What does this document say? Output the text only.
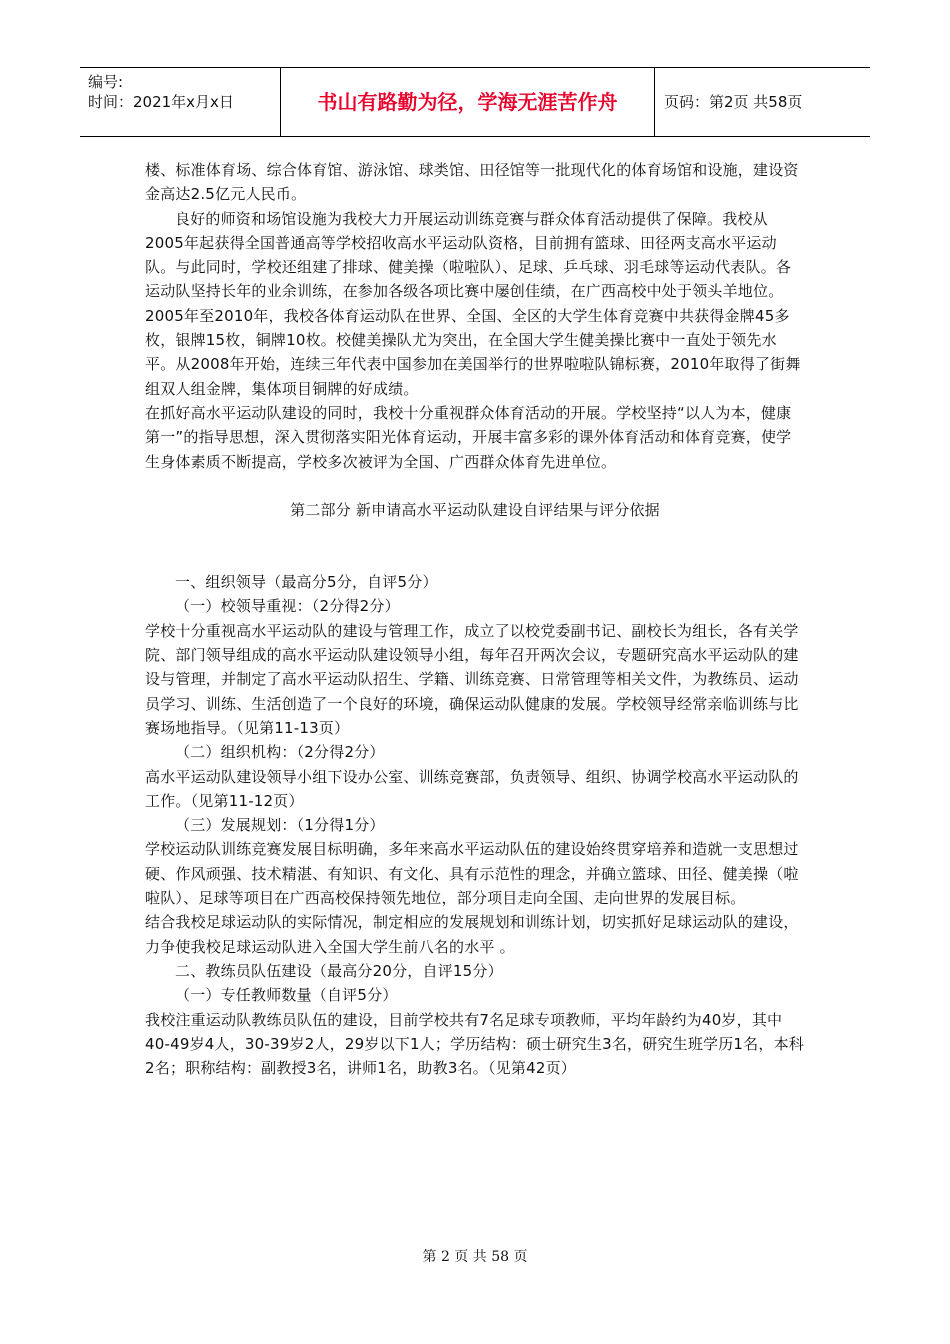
编号:
时间：2021年x月x日	书山有路勤为径，学海无涯苦作舟	页码：第2页 共58页

楼、标准体育场、综合体育馆、游泳馆、球类馆、田径馆等一批现代化的体育场馆和设施，建设资金高达2.5亿元人民币。

良好的师资和场馆设施为我校大力开展运动训练竞赛与群众体育活动提供了保障。我校从2005年起获得全国普通高等学校招收高水平运动队资格，目前拥有篮球、田径两支高水平运动队。与此同时，学校还组建了排球、健美操（啦啦队）、足球、乒乓球、羽毛球等运动代表队。各运动队坚持长年的业余训练，在参加各级各项比赛中屡创佳绩，在广西高校中处于领头羊地位。2005年至2010年，我校各体育运动队在世界、全国、全区的大学生体育竞赛中共获得金牌45多枚，银牌15枚，铜牌10枚。校健美操队尤为突出，在全国大学生健美操比赛中一直处于领先水平。从2008年开始，连续三年代表中国参加在美国举行的世界啦啦队锦标赛，2010年取得了街舞组双人组金牌，集体项目铜牌的好成绩。

在抓好高水平运动队建设的同时，我校十分重视群众体育活动的开展。学校坚持“以人为本，健康第一”的指导思想，深入贯彻落实阳光体育运动，开展丰富多彩的课外体育活动和体育竞赛，使学生身体素质不断提高，学校多次被评为全国、广西群众体育先进单位。

第二部分 新申请高水平运动队建设自评结果与评分依据

一、组织领导（最高分5分，自评5分）

（一）校领导重视：（2分得2分）

学校十分重视高水平运动队的建设与管理工作，成立了以校党委副书记、副校长为组长，各有关学院、部门领导组成的高水平运动队建设领导小组，每年召开两次会议，专题研究高水平运动队的建设与管理，并制定了高水平运动队招生、学籍、训练竞赛、日常管理等相关文件，为教练员、运动员学习、训练、生活创造了一个良好的环境，确保运动队健康的发展。学校领导经常亲临训练与比赛场地指导。（见第11-13页）

（二）组织机构：（2分得2分）

高水平运动队建设领导小组下设办公室、训练竞赛部，负责领导、组织、协调学校高水平运动队的工作。（见第11-12页）

（三）发展规划：（1分得1分）

学校运动队训练竞赛发展目标明确，多年来高水平运动队伍的建设始终贯穿培养和造就一支思想过硬、作风顽强、技术精湛、有知识、有文化、具有示范性的理念，并确立篮球、田径、健美操（啦啦队）、足球等项目在广西高校保持领先地位，部分项目走向全国、走向世界的发展目标。

结合我校足球运动队的实际情况，制定相应的发展规划和训练计划，切实抓好足球运动队的建设，力争使我校足球运动队进入全国大学生前八名的水平 。

二、教练员队伍建设（最高分20分，自评15分）

（一）专任教师数量（自评5分）

我校注重运动队教练员队伍的建设，目前学校共有7名足球专项教师，平均年龄约为40岁，其中40-49岁4人，30-39岁2人，29岁以下1人；学历结构：硕士研究生3名，研究生班学历1名，本科2名；职称结构：副教授3名，讲师1名，助教3名。（见第42页）

第 2 页 共 58 页
